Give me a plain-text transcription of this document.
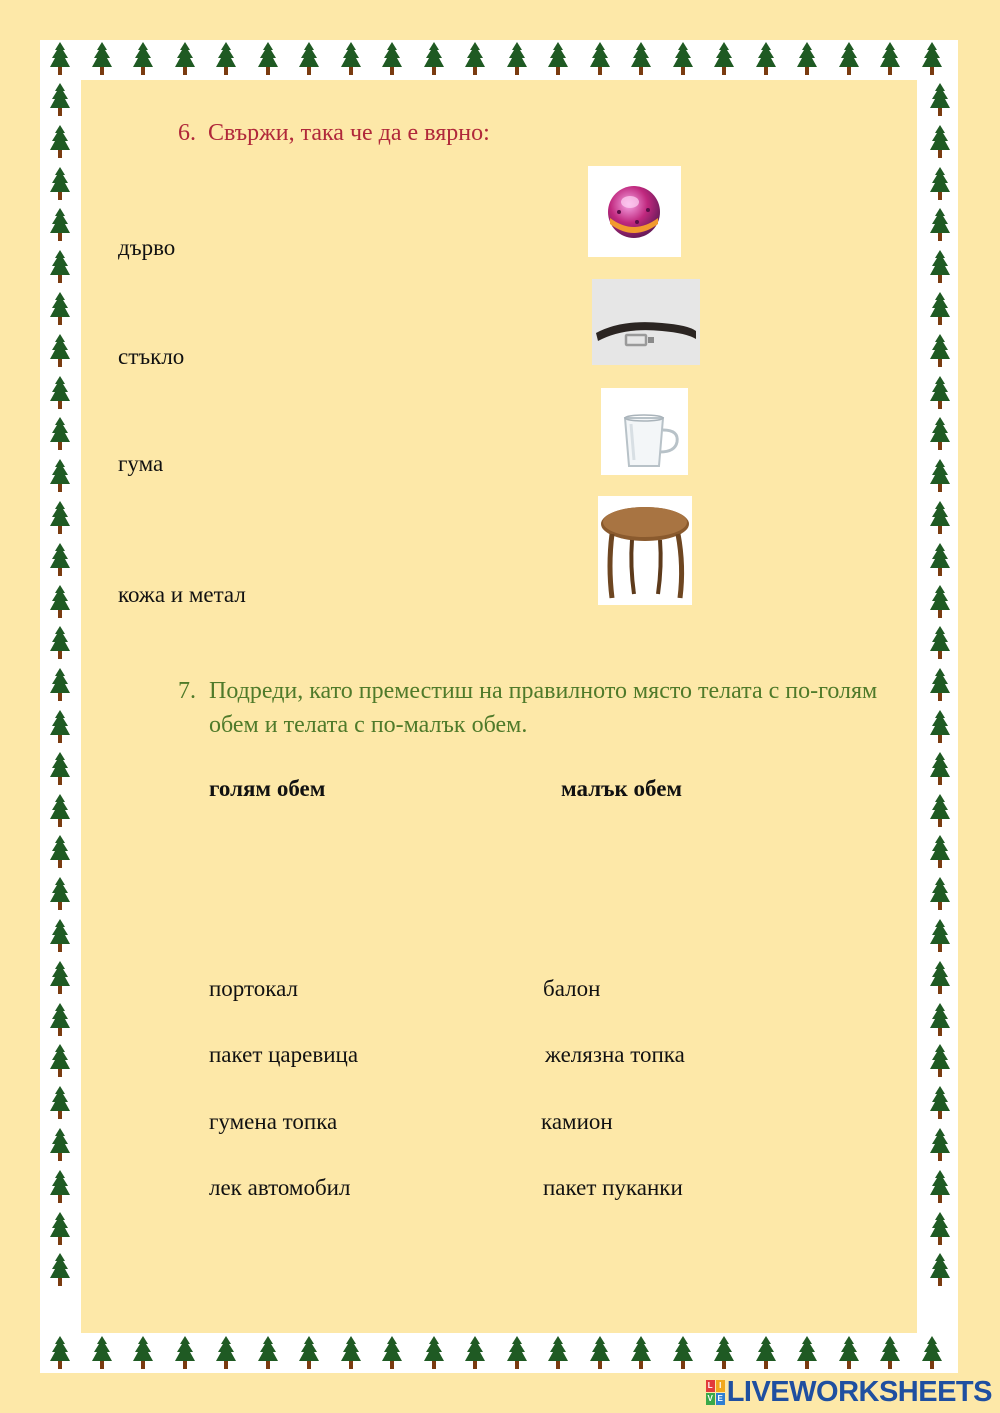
6. Свържи, така че да е вярно:
дърво
стъкло
гума
кожа и метал
7. Подреди, като преместиш на правилното място телата с по-голям обем и телата с по-малък обем.
голям обем	малък обем
портокал
пакет царевица
гумена топка
лек автомобил
балон
желязна топка
камион
пакет пуканки
L I
V E LIVEWORKSHEETS
